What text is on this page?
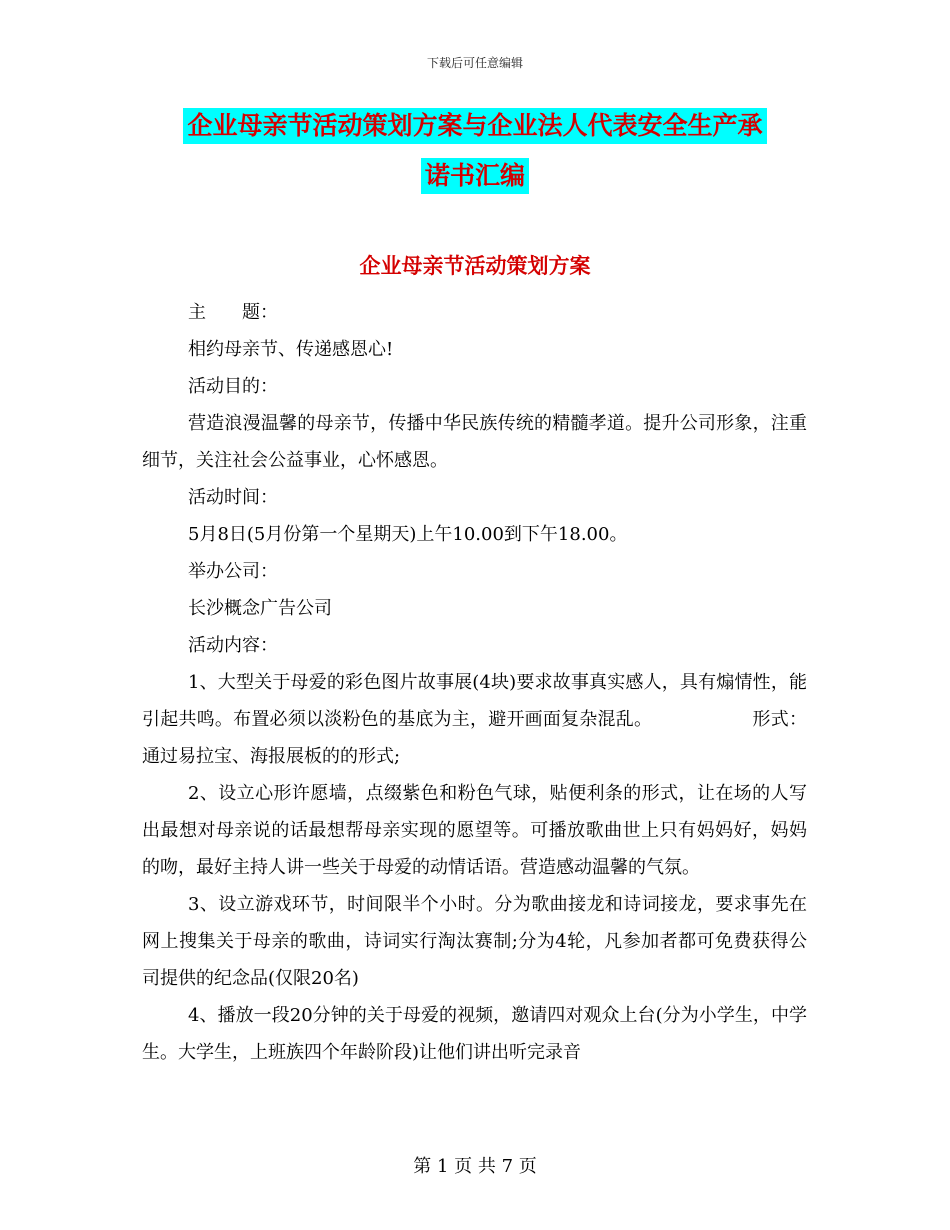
下载后可任意编辑
企业母亲节活动策划方案与企业法人代表安全生产承
诺书汇编
企业母亲节活动策划方案

主　　题：

相约母亲节、传递感恩心!

活动目的：

营造浪漫温馨的母亲节，传播中华民族传统的精髓孝道。提升公司形象，注重细节，关注社会公益事业，心怀感恩。

活动时间：

5月8日(5月份第一个星期天)上午10.00到下午18.00。

举办公司：

长沙概念广告公司

活动内容：

1、大型关于母爱的彩色图片故事展(4块)要求故事真实感人，具有煽情性，能引起共鸣。布置必须以淡粉色的基底为主，避开画面复杂混乱。　　　　　　形式：通过易拉宝、海报展板的的形式;

2、设立心形许愿墙，点缀紫色和粉色气球，贴便利条的形式，让在场的人写出最想对母亲说的话最想帮母亲实现的愿望等。可播放歌曲世上只有妈妈好，妈妈的吻，最好主持人讲一些关于母爱的动情话语。营造感动温馨的气氛。

3、设立游戏环节，时间限半个小时。分为歌曲接龙和诗词接龙，要求事先在网上搜集关于母亲的歌曲，诗词实行淘汰赛制;分为4轮，凡参加者都可免费获得公司提供的纪念品(仅限20名)

4、播放一段20分钟的关于母爱的视频，邀请四对观众上台(分为小学生，中学生。大学生，上班族四个年龄阶段)让他们讲出听完录音

第 1 页 共 7 页
